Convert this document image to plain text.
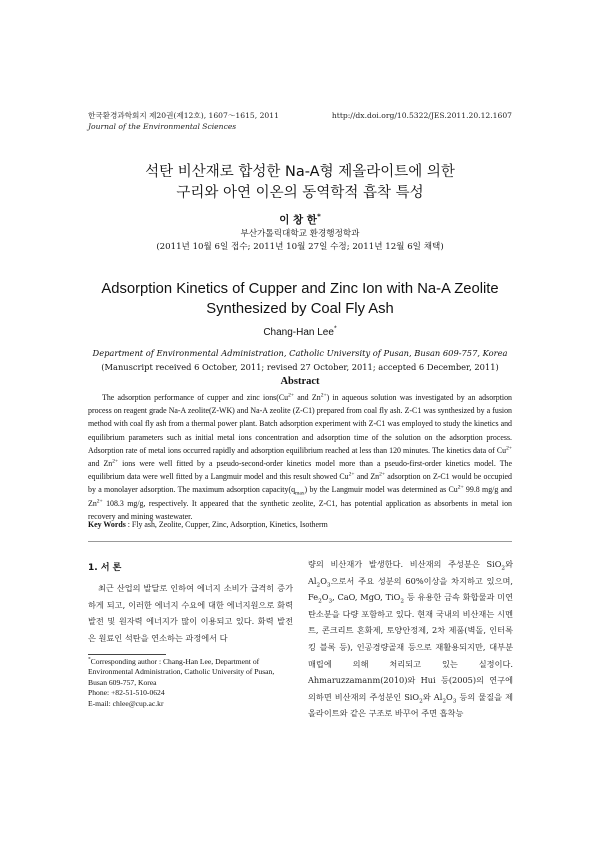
한국환경과학회지 제20권(제12호), 1607～1615, 2011
Journal of the Environmental Sciences
http://dx.doi.org/10.5322/JES.2011.20.12.1607
석탄 비산재로 합성한 Na-A형 제올라이트에 의한
구리와 아연 이온의 동역학적 흡착 특성
이 창 한*
부산가톨릭대학교 환경행정학과
(2011년 10월 6일 접수; 2011년 10월 27일 수정; 2011년 12월 6일 채택)
Adsorption Kinetics of Cupper and Zinc Ion with Na-A Zeolite
Synthesized by Coal Fly Ash
Chang-Han Lee*
Department of Environmental Administration, Catholic University of Pusan, Busan 609-757, Korea
(Manuscript received 6 October, 2011; revised 27 October, 2011; accepted 6 December, 2011)
Abstract

The adsorption performance of cupper and zinc $ions(Cu^{2+}$ and $Zn^{2+}$) in aqueous solution was investigated by an adsorption process on reagent grade Na-A zeolite(Z-WK) and Na-A zeolite (Z-C1) prepared from coal fly ash. Z-C1 was synthesized by a fusion method with coal fly ash from a thermal power plant. Batch adsorption experiment with Z-C1 was employed to study the kinetics and equilibrium parameters such as initial metal ions concentration and adsorption time of the solution on the adsorption process. Adsorption rate of metal ions occurred rapidly and adsorption equilibrium reached at less than 120 minutes. The kinetics data of $Cu^{2+}$ and $Zn^{2+}$ ions were well fitted by a pseudo-second-order kinetics model more than a pseudo-first-order kinetics model. The equilibrium data were well fitted by a Langmuir model and this result showed $Cu^{2+}$ and $Zn^{2+}$ adsorption on Z-C1 would be occupied by a monolayer adsorption. The maximum adsorption $capacity(q_{max})$ by the Langmuir model was determined as $Cu^{2+}$ 99.8 mg/g and $Zn^{2+}$ 108.3 mg/g, respectively. It appeared that the synthetic zeolite, Z-C1, has potential application as absorbents in metal ion recovery and mining wastewater.

Key Words : Fly ash, Zeolite, Cupper, Zinc, Adsorption, Kinetics, Isotherm
1. 서 론

최근 산업의 발달로 인하여 에너지 소비가 급격히 증가하게 되고, 이러한 에너지 수요에 대한 에너지원으로 화력 발전 및 원자력 에너지가 많이 이용되고 있다. 화력 발전은 원료인 석탄을 연소하는 과정에서 다

량의 비산재가 발생한다. 비산재의 주성분은 SiO$_2$와 $Al_2O_3$으로서 주요 성분의 60%이상을 차지하고 있으며, $Fe_2O_3$, CaO, MgO, TiO$_2$ 등 유용한 금속 화합물과 미연 탄소분을 다량 포함하고 있다. 현재 국내의 비산재는 시멘트, 콘크리트 혼화제, 토양안정제, 2차 제품(벽돌, 인터록 킹 블록 등), 인공경량골재 등으로 재활용되지만, 대부분 매립에 의해 처리되고 있는 실정이다. Ahmaruzzamanm(2010)와 Hui 등(2005)의 연구에 의하면 비산재의 주성분인 SiO$_2$와 $Al_2O_3$ 등의 물질을 제올라이트와 같은 구조로 바꾸어 주면 흡착능

*Corresponding author : Chang-Han Lee, Department of Environmental Administration, Catholic University of Pusan, Busan 609-757, Korea
Phone: +82-51-510-0624
E-mail: chlee@cup.ac.kr
